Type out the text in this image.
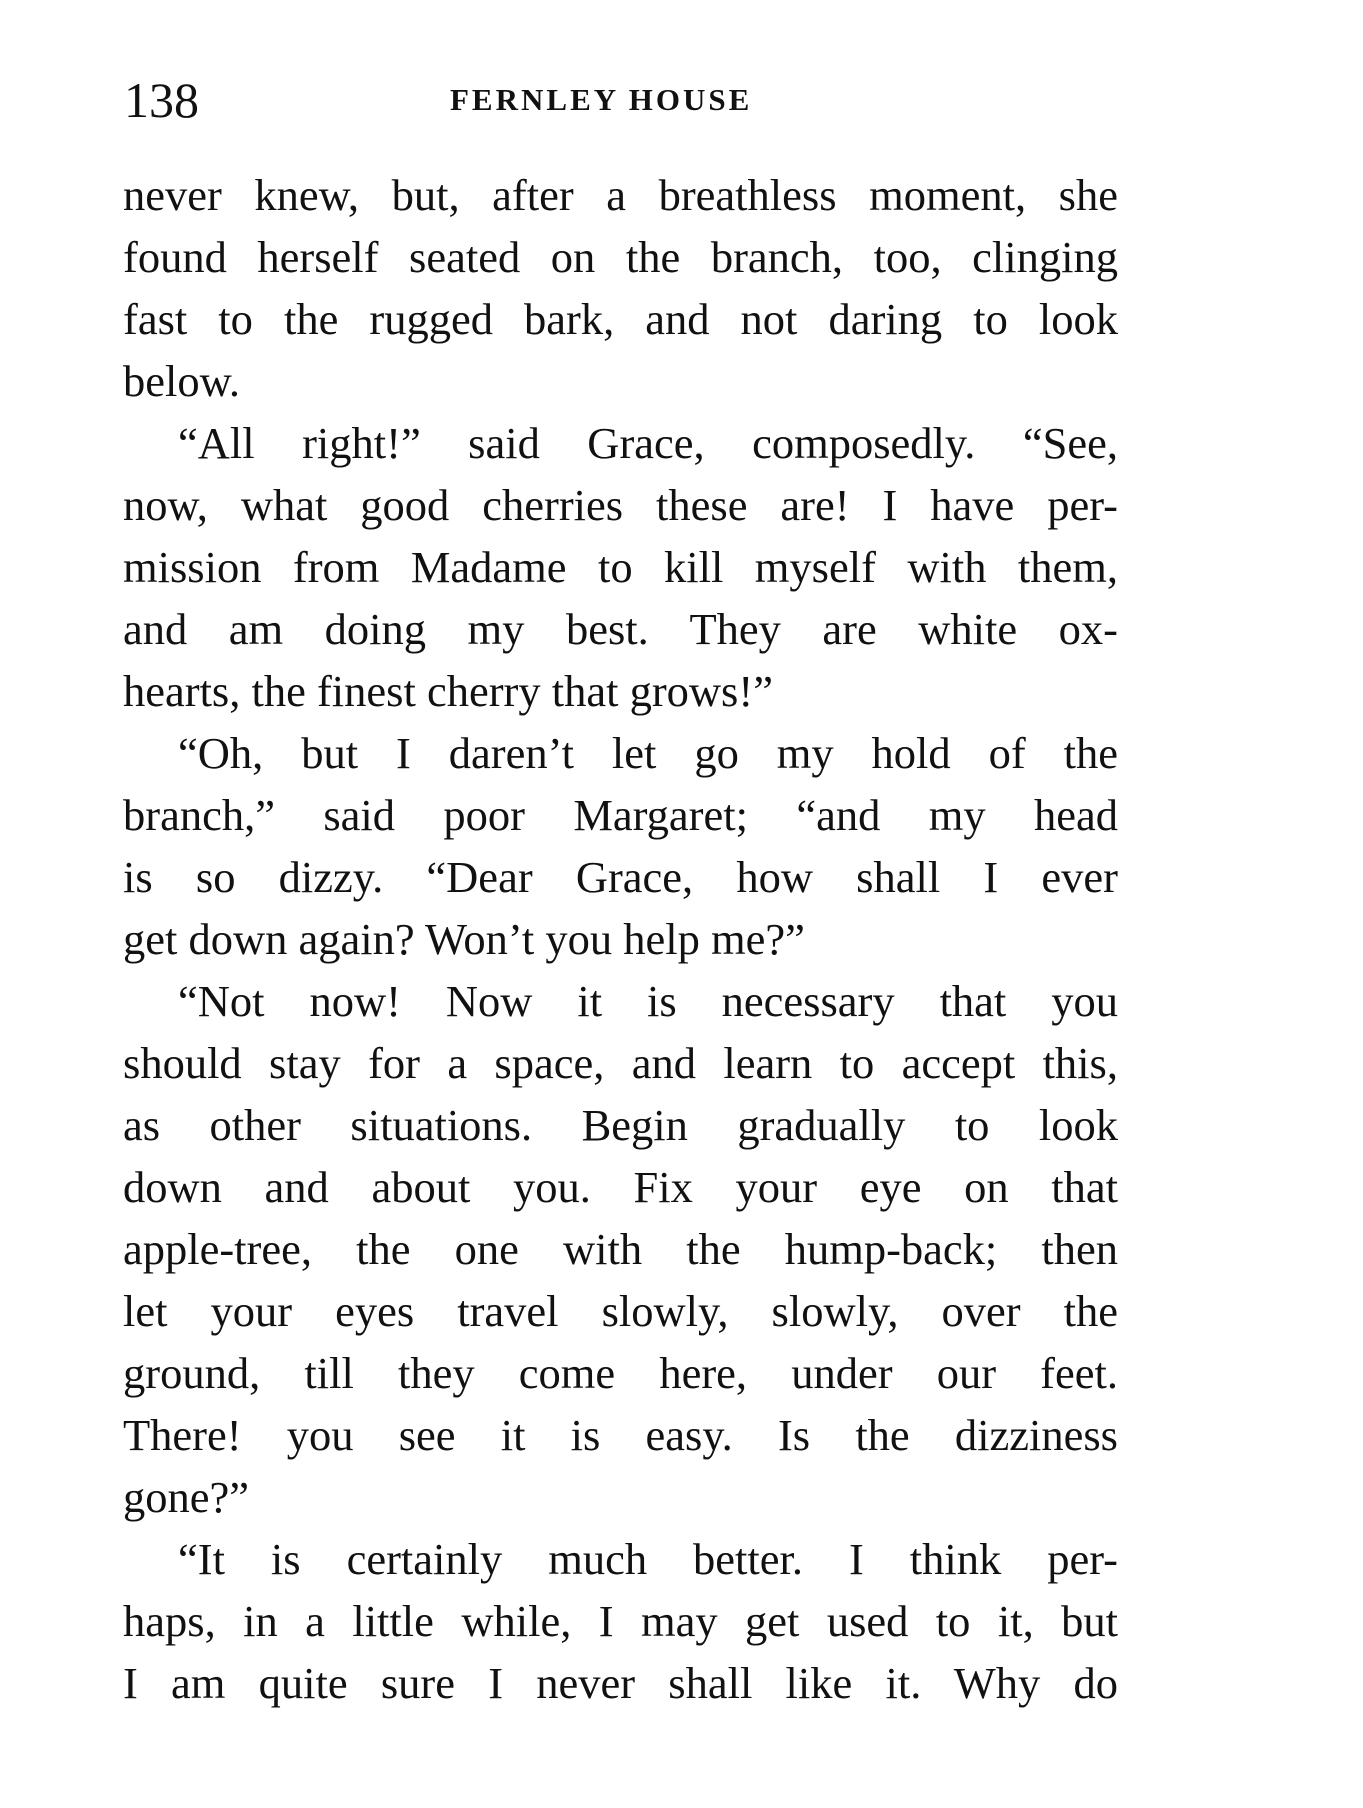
138	FERNLEY HOUSE
never knew, but, after a breathless moment, she
found herself seated on the branch, too, clinging
fast to the rugged bark, and not daring to look
below.
“All right!” said Grace, composedly. “See,
now, what good cherries these are! I have per-
mission from Madame to kill myself with them,
and am doing my best. They are white ox-
hearts, the finest cherry that grows!”
“Oh, but I daren’t let go my hold of the
branch,” said poor Margaret; “and my head
is so dizzy. “Dear Grace, how shall I ever
get down again? Won’t you help me?”
“Not now! Now it is necessary that you
should stay for a space, and learn to accept this,
as other situations. Begin gradually to look
down and about you. Fix your eye on that
apple-tree, the one with the hump-back; then
let your eyes travel slowly, slowly, over the
ground, till they come here, under our feet.
There! you see it is easy. Is the dizziness
gone?”
“It is certainly much better. I think per-
haps, in a little while, I may get used to it, but
I am quite sure I never shall like it. Why do
